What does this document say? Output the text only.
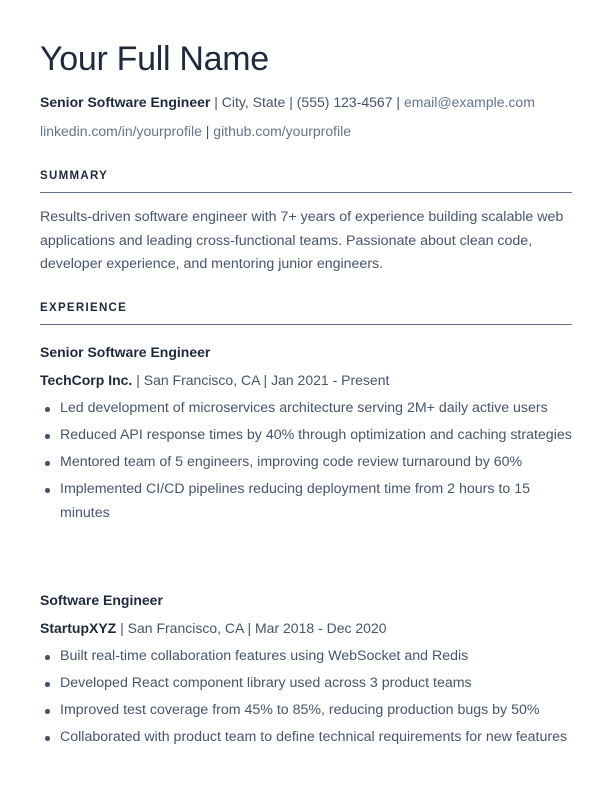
Your Full Name
Senior Software Engineer | City, State | (555) 123-4567 | email@example.com
linkedin.com/in/yourprofile | github.com/yourprofile
SUMMARY

Results-driven software engineer with 7+ years of experience building scalable web applications and leading cross-functional teams. Passionate about clean code, developer experience, and mentoring junior engineers.

EXPERIENCE
Senior Software Engineer
TechCorp Inc. | San Francisco, CA | Jan 2021 - Present
Led development of microservices architecture serving 2M+ daily active users
Reduced API response times by 40% through optimization and caching strategies
Mentored team of 5 engineers, improving code review turnaround by 60%
Implemented CI/CD pipelines reducing deployment time from 2 hours to 15 minutes
Software Engineer
StartupXYZ | San Francisco, CA | Mar 2018 - Dec 2020
Built real-time collaboration features using WebSocket and Redis
Developed React component library used across 3 product teams
Improved test coverage from 45% to 85%, reducing production bugs by 50%
Collaborated with product team to define technical requirements for new features
